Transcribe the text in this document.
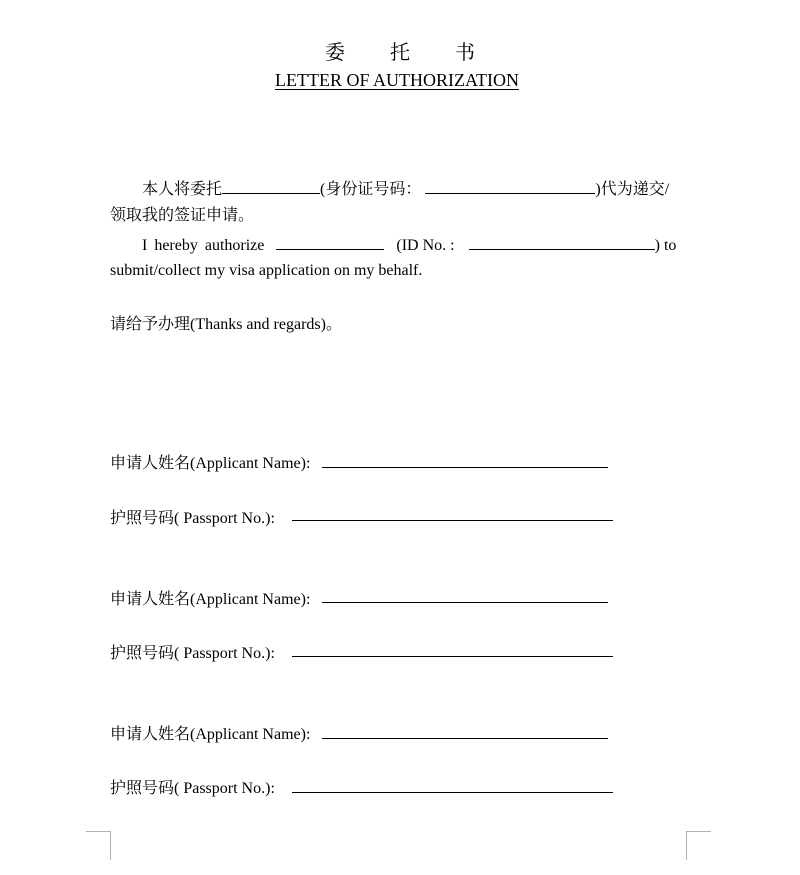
委 托 书
LETTER OF AUTHORIZATION
本人将委托	(身份证号码：	)代为递交/
领取我的签证申请。
I hereby authorize	(ID No. :	) to
submit/collect my visa application on my behalf.
请给予办理(Thanks and regards)。
申请人姓名(Applicant Name):
护照号码( Passport No.):
申请人姓名(Applicant Name):
护照号码( Passport No.):
申请人姓名(Applicant Name):
护照号码( Passport No.):
